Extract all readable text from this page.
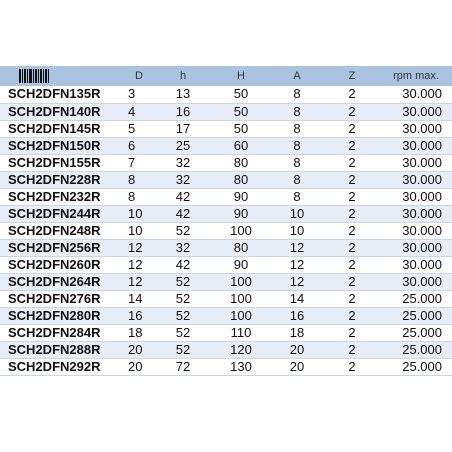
	D	h	H	A	Z	rpm max.
SCH2DFN135R	3	13	50	8	2	30.000
SCH2DFN140R	4	16	50	8	2	30.000
SCH2DFN145R	5	17	50	8	2	30.000
SCH2DFN150R	6	25	60	8	2	30.000
SCH2DFN155R	7	32	80	8	2	30.000
SCH2DFN228R	8	32	80	8	2	30.000
SCH2DFN232R	8	42	90	8	2	30.000
SCH2DFN244R	10	42	90	10	2	30.000
SCH2DFN248R	10	52	100	10	2	30.000
SCH2DFN256R	12	32	80	12	2	30.000
SCH2DFN260R	12	42	90	12	2	30.000
SCH2DFN264R	12	52	100	12	2	30.000
SCH2DFN276R	14	52	100	14	2	25.000
SCH2DFN280R	16	52	100	16	2	25.000
SCH2DFN284R	18	52	110	18	2	25.000
SCH2DFN288R	20	52	120	20	2	25.000
SCH2DFN292R	20	72	130	20	2	25.000
